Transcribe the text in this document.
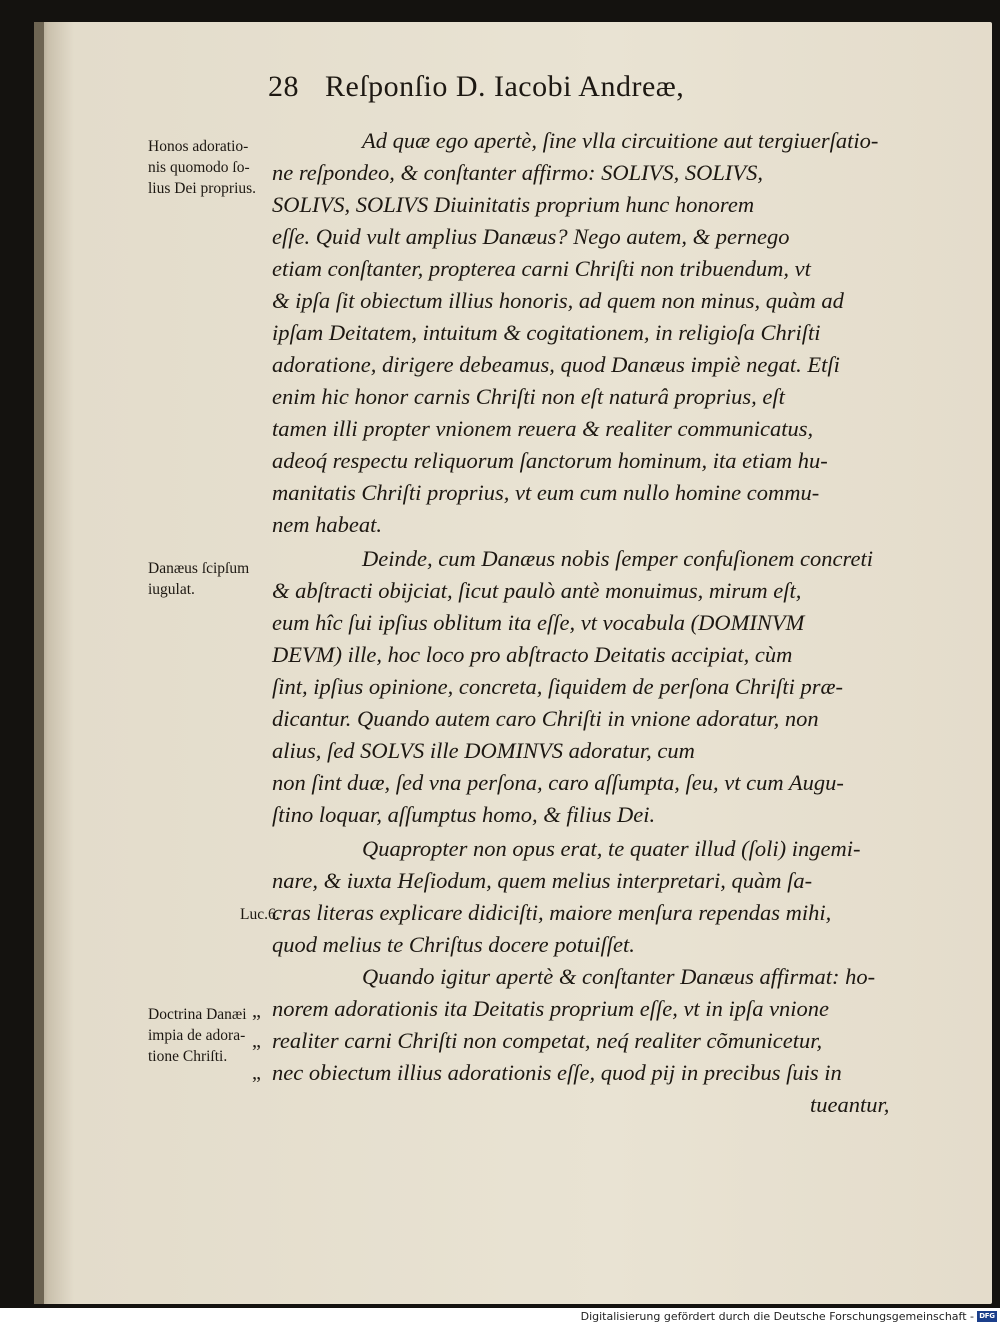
28 Reſponſio D. Iacobi Andreæ,
Honos adoratio-
nis quomodo ſo-
lius Dei proprius.
Danæus ſcipſum
iugulat.
Luc.6.
Doctrina Danæi
impia de adora-
tione Chriſti.
„
„
„
Ad quæ ego apertè, ſine vlla circuitione aut tergiuerſatio-
ne reſpondeo, & conſtanter affirmo: SOLIVS, SOLIVS,
SOLIVS, SOLIVS Diuinitatis proprium hunc honorem
eſſe. Quid vult amplius Danæus? Nego autem, & pernego
etiam conſtanter, propterea carni Chriſti non tribuendum, vt
& ipſa ſit obiectum illius honoris, ad quem non minus, quàm ad
ipſam Deitatem, intuitum & cogitationem, in religioſa Chriſti
adoratione, dirigere debeamus, quod Danæus impiè negat. Etſi
enim hic honor carnis Chriſti non eſt naturâ proprius, eſt
tamen illi propter vnionem reuera & realiter communicatus,
adeoq́ respectu reliquorum ſanctorum hominum, ita etiam hu-
manitatis Chriſti proprius, vt eum cum nullo homine commu-
nem habeat.
Deinde, cum Danæus nobis ſemper confuſionem concreti
& abſtracti obijciat, ſicut paulò antè monuimus, mirum eſt,
eum hîc ſui ipſius oblitum ita eſſe, vt vocabula (DOMINVM
DEVM) ille, hoc loco pro abſtracto Deitatis accipiat, cùm
ſint, ipſius opinione, concreta, ſiquidem de perſona Chriſti præ-
dicantur. Quando autem caro Chriſti in vnione adoratur, non
alius, ſed SOLVS ille DOMINVS adoratur, cum
non ſint duæ, ſed vna perſona, caro aſſumpta, ſeu, vt cum Augu-
ſtino loquar, aſſumptus homo, & filius Dei.
Quapropter non opus erat, te quater illud (ſoli) ingemi-
nare, & iuxta Heſiodum, quem melius interpretari, quàm ſa-
cras literas explicare didiciſti, maiore menſura rependas mihi,
quod melius te Chriſtus docere potuiſſet.
Quando igitur apertè & conſtanter Danæus affirmat: ho-
norem adorationis ita Deitatis proprium eſſe, vt in ipſa vnione
realiter carni Chriſti non competat, neq́ realiter cõmunicetur,
nec obiectum illius adorationis eſſe, quod pij in precibus ſuis in
tueantur,
Digitalisierung gefördert durch die Deutsche Forschungsgemeinschaft - DFG
